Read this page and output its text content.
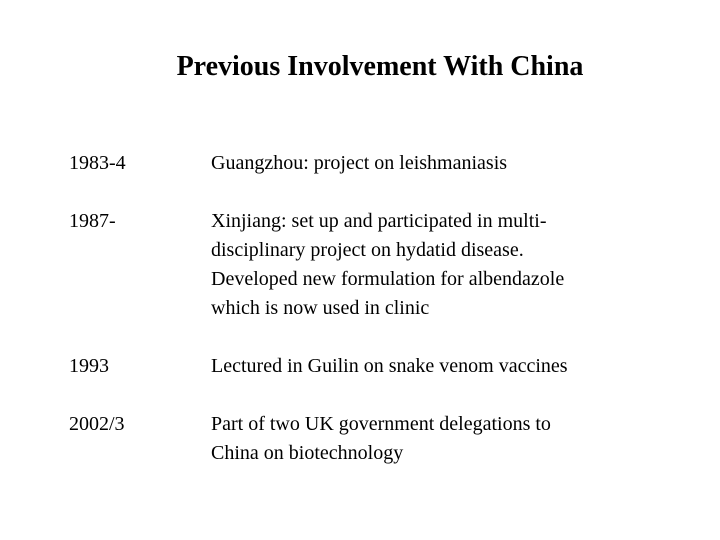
Previous Involvement With China
1983-4	Guangzhou: project on leishmaniasis
1987-	Xinjiang: set up and participated in multi-
disciplinary project on hydatid disease.
Developed new formulation for albendazole
which is now used in clinic
1993	Lectured in Guilin on snake venom vaccines
2002/3	Part of two UK government delegations to
China on biotechnology
